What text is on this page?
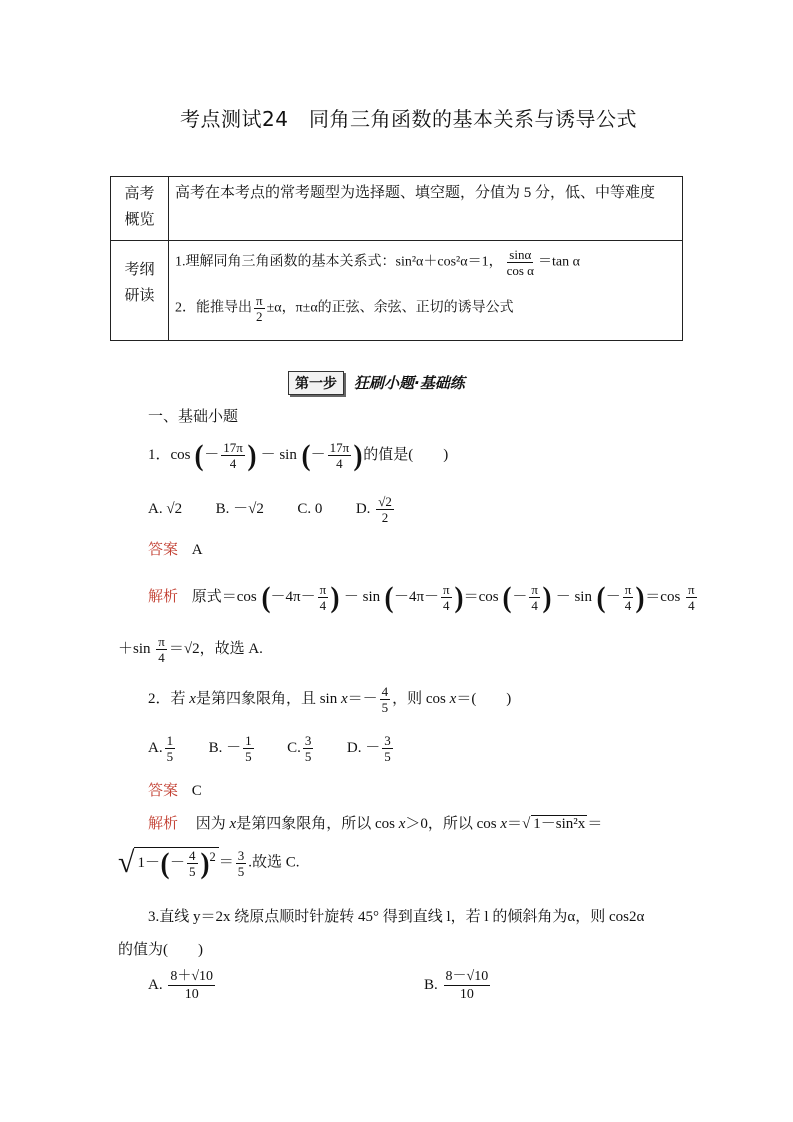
考点测试24　同角三角函数的基本关系与诱导公式
高考
概览
高考在本考点的常考题型为选择题、填空题，分值为 5 分，低、中等难度
考纲
研读
1.理解同角三角函数的基本关系式：sin²α＋cos²α＝1， $\frac{\sin\alpha}{\text{cos α}} =\tan$ α
2．能推导出 $\frac{\pi}{2} \pm\alpha$，π±α的正弦、余弦、正切的诱导公式
第一步 狂刷小题·基础练
一、基础小题
1．cos (－ $\frac{17\pi}{4}$ ) － sin (－ $\frac{17\pi}{4}$ )的值是(　　)
A. √2 B. －√2 C. 0 D. $\frac{√2}{2}$
答案 A
解析 原式＝cos ($-4\pi- \frac{\pi}{4}$ ) － $\sin (-4\pi- \frac{\pi}{4} )=\cos$ (－ $\frac{\pi}{4}$ ) － sin (－ $\frac{\pi}{4} )=\cos \frac{\pi}{4}$
$+\sin \frac{\pi}{4} =√2$，故选 A.
2．若 x是第四象限角，且 $\sin x=- \frac{4}{5}$ ，则 cos x＝(　　)
A. $\frac{1}{5} B$. － $\frac{1}{5} C$. $\frac{3}{5} D$. － $\frac{3}{5}$
答案 C
解析 因为 x是第四象限角，所以 cos x＞0，所以 cos x＝√ 1－sin²x ＝
√ $1-(- \frac{4}{5} )^2 = \frac{3}{5}$ .故选 C.
3.直线 y＝2x 绕原点顺时针旋转 45° 得到直线 l，若 l 的倾斜角为α，则 cos2α
的值为(　　)
A. $\frac{8+√10}{10}$	B. $\frac{8-√10}{10}$
